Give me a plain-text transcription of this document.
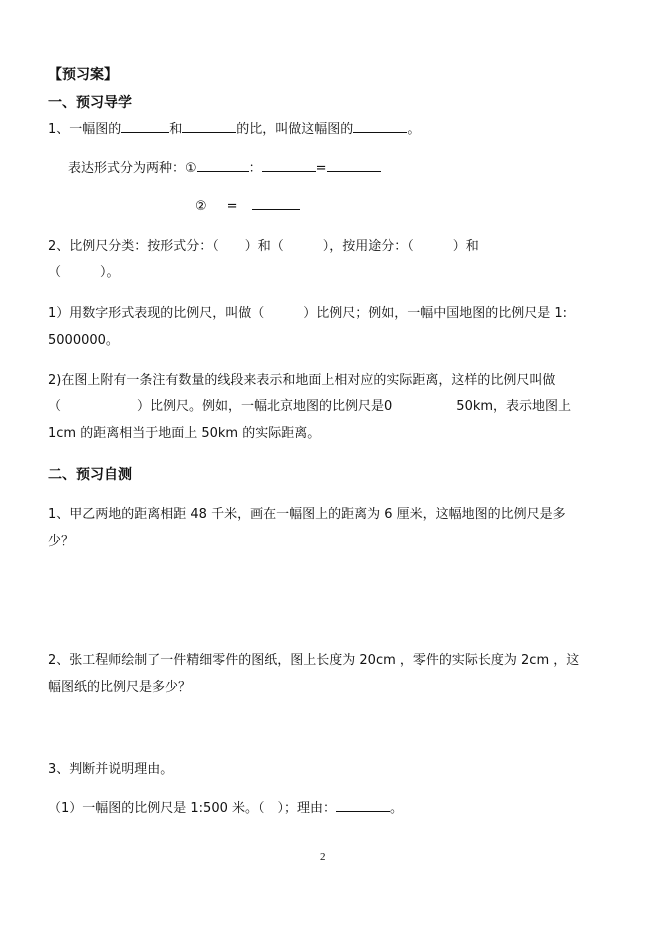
【预习案】
一、预习导学
1、一幅图的	和	的比，叫做这幅图的	。
表达形式分为两种：①	：	=
② =
2、比例尺分类：按形式分：（　　）和（　　　），按用途分：（　　　）和
（　　　）。
1）用数字形式表现的比例尺，叫做（　　　）比例尺；例如，一幅中国地图的比例尺是 1:
5000000。
2)在图上附有一条注有数量的线段来表示和地面上相对应的实际距离，这样的比例尺叫做
（	）比例尺。例如，一幅北京地图的比例尺是0	50km，表示地图上
1cm 的距离相当于地面上 50km 的实际距离。
二、预习自测
1、甲乙两地的距离相距 48 千米，画在一幅图上的距离为 6 厘米，这幅地图的比例尺是多
少？
2、张工程师绘制了一件精细零件的图纸，图上长度为 20cm ，零件的实际长度为 2cm ，这
幅图纸的比例尺是多少？
3、判断并说明理由。
（1）一幅图的比例尺是 1:500 米。（　）；理由：	。
2
